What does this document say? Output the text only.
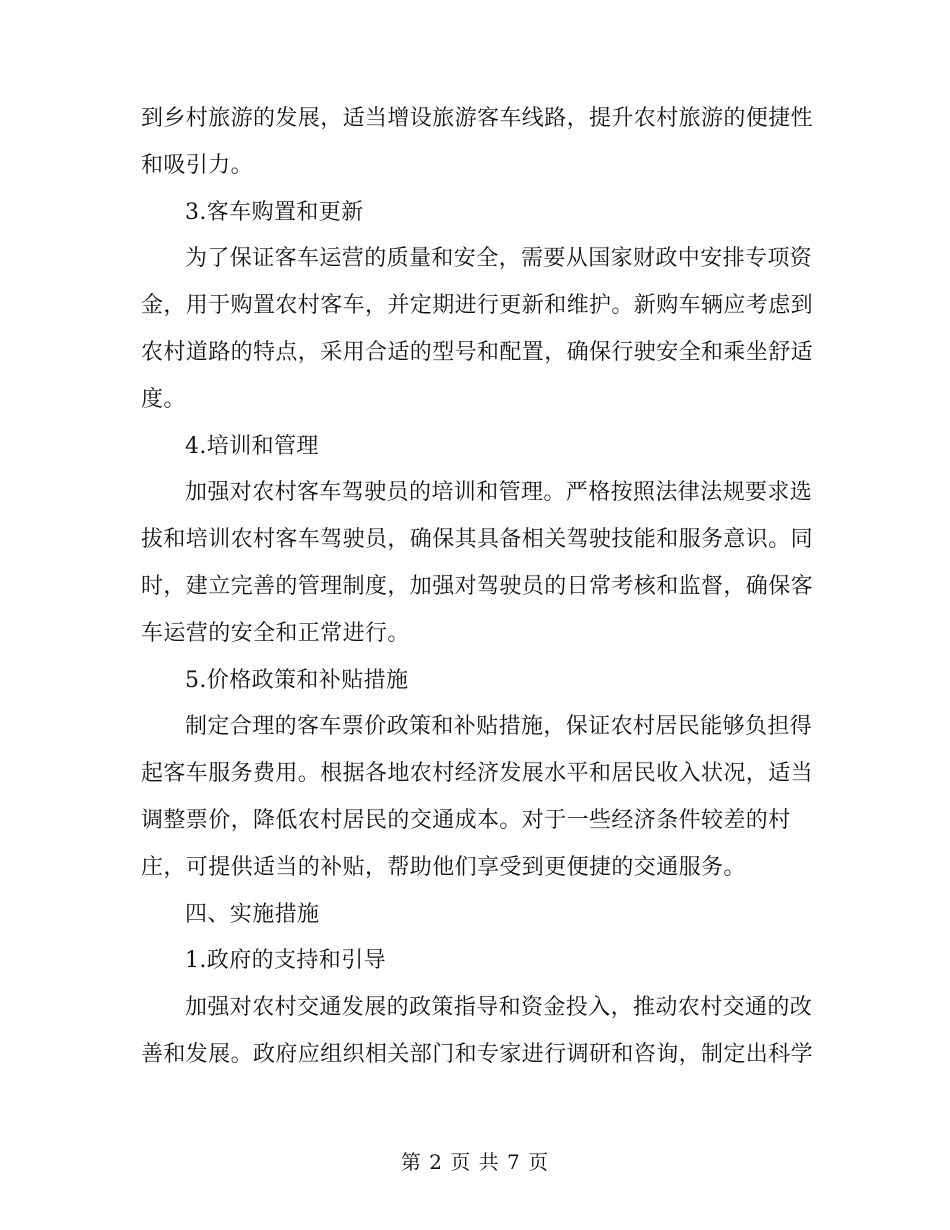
到乡村旅游的发展，适当增设旅游客车线路，提升农村旅游的便捷性
和吸引力。

3.客车购置和更新

为了保证客车运营的质量和安全，需要从国家财政中安排专项资
金，用于购置农村客车，并定期进行更新和维护。新购车辆应考虑到
农村道路的特点，采用合适的型号和配置，确保行驶安全和乘坐舒适
度。

4.培训和管理

加强对农村客车驾驶员的培训和管理。严格按照法律法规要求选
拔和培训农村客车驾驶员，确保其具备相关驾驶技能和服务意识。同
时，建立完善的管理制度，加强对驾驶员的日常考核和监督，确保客
车运营的安全和正常进行。

5.价格政策和补贴措施

制定合理的客车票价政策和补贴措施，保证农村居民能够负担得
起客车服务费用。根据各地农村经济发展水平和居民收入状况，适当
调整票价，降低农村居民的交通成本。对于一些经济条件较差的村
庄，可提供适当的补贴，帮助他们享受到更便捷的交通服务。

四、实施措施

1.政府的支持和引导

加强对农村交通发展的政策指导和资金投入，推动农村交通的改
善和发展。政府应组织相关部门和专家进行调研和咨询，制定出科学

第 2 页 共 7 页
